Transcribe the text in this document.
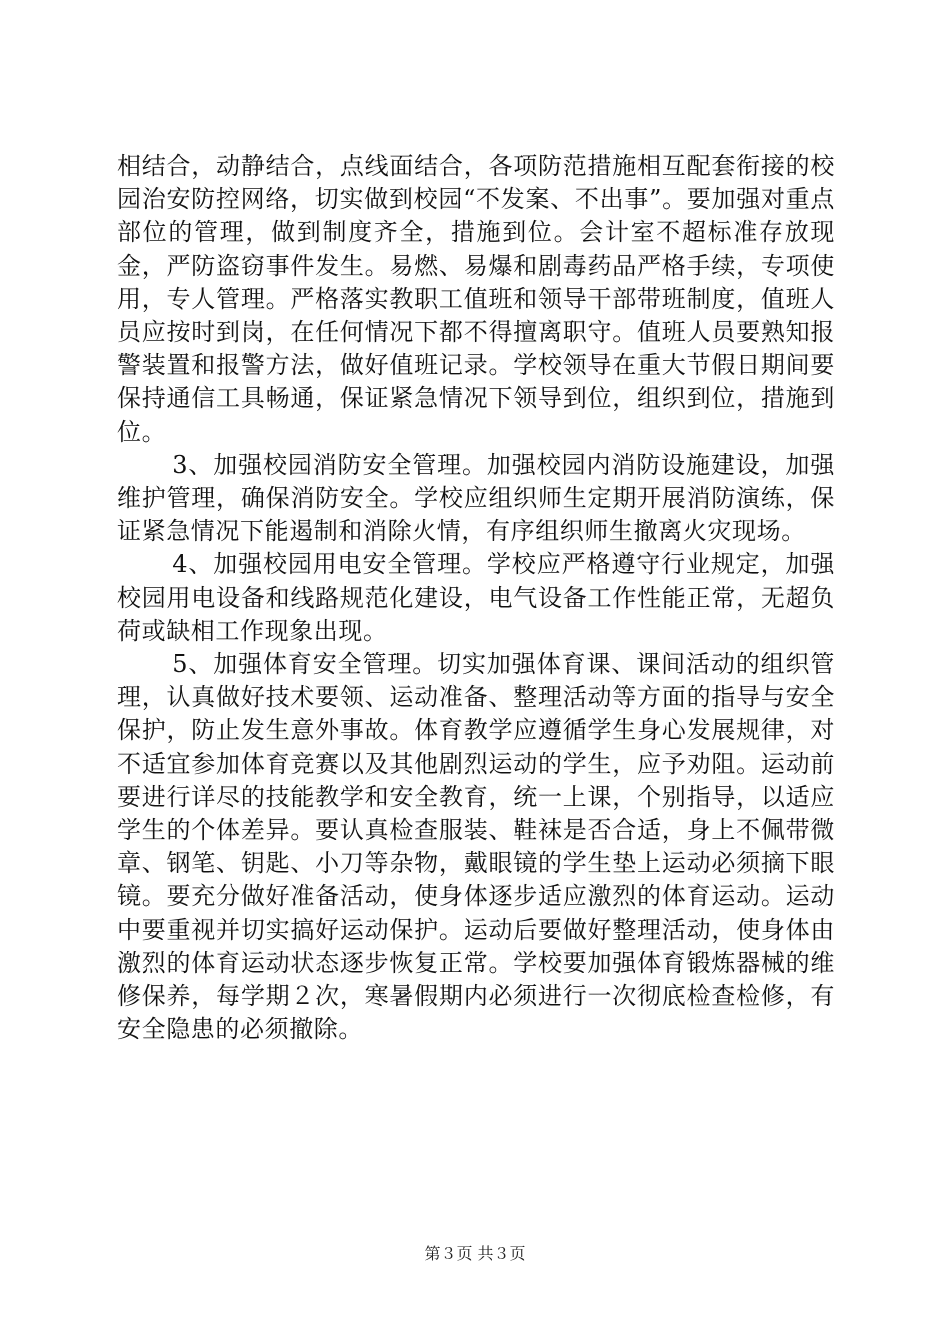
相结合，动静结合，点线面结合，各项防范措施相互配套衔接的校园治安防控网络，切实做到校园“不发案、不出事”。要加强对重点部位的管理，做到制度齐全，措施到位。会计室不超标准存放现金，严防盗窃事件发生。易燃、易爆和剧毒药品严格手续，专项使用，专人管理。严格落实教职工值班和领导干部带班制度，值班人员应按时到岗，在任何情况下都不得擅离职守。值班人员要熟知报警装置和报警方法，做好值班记录。学校领导在重大节假日期间要保持通信工具畅通，保证紧急情况下领导到位，组织到位，措施到位。

3、加强校园消防安全管理。加强校园内消防设施建设，加强维护管理，确保消防安全。学校应组织师生定期开展消防演练，保证紧急情况下能遏制和消除火情，有序组织师生撤离火灾现场。

4、加强校园用电安全管理。学校应严格遵守行业规定，加强校园用电设备和线路规范化建设，电气设备工作性能正常，无超负荷或缺相工作现象出现。

5、加强体育安全管理。切实加强体育课、课间活动的组织管理，认真做好技术要领、运动准备、整理活动等方面的指导与安全保护，防止发生意外事故。体育教学应遵循学生身心发展规律，对不适宜参加体育竞赛以及其他剧烈运动的学生，应予劝阻。运动前要进行详尽的技能教学和安全教育，统一上课，个别指导，以适应学生的个体差异。要认真检查服装、鞋袜是否合适，身上不佩带微章、钢笔、钥匙、小刀等杂物，戴眼镜的学生垫上运动必须摘下眼镜。要充分做好准备活动，使身体逐步适应激烈的体育运动。运动中要重视并切实搞好运动保护。运动后要做好整理活动，使身体由激烈的体育运动状态逐步恢复正常。学校要加强体育锻炼器械的维修保养，每学期２次，寒暑假期内必须进行一次彻底检查检修，有安全隐患的必须撤除。

第３页 共３页
